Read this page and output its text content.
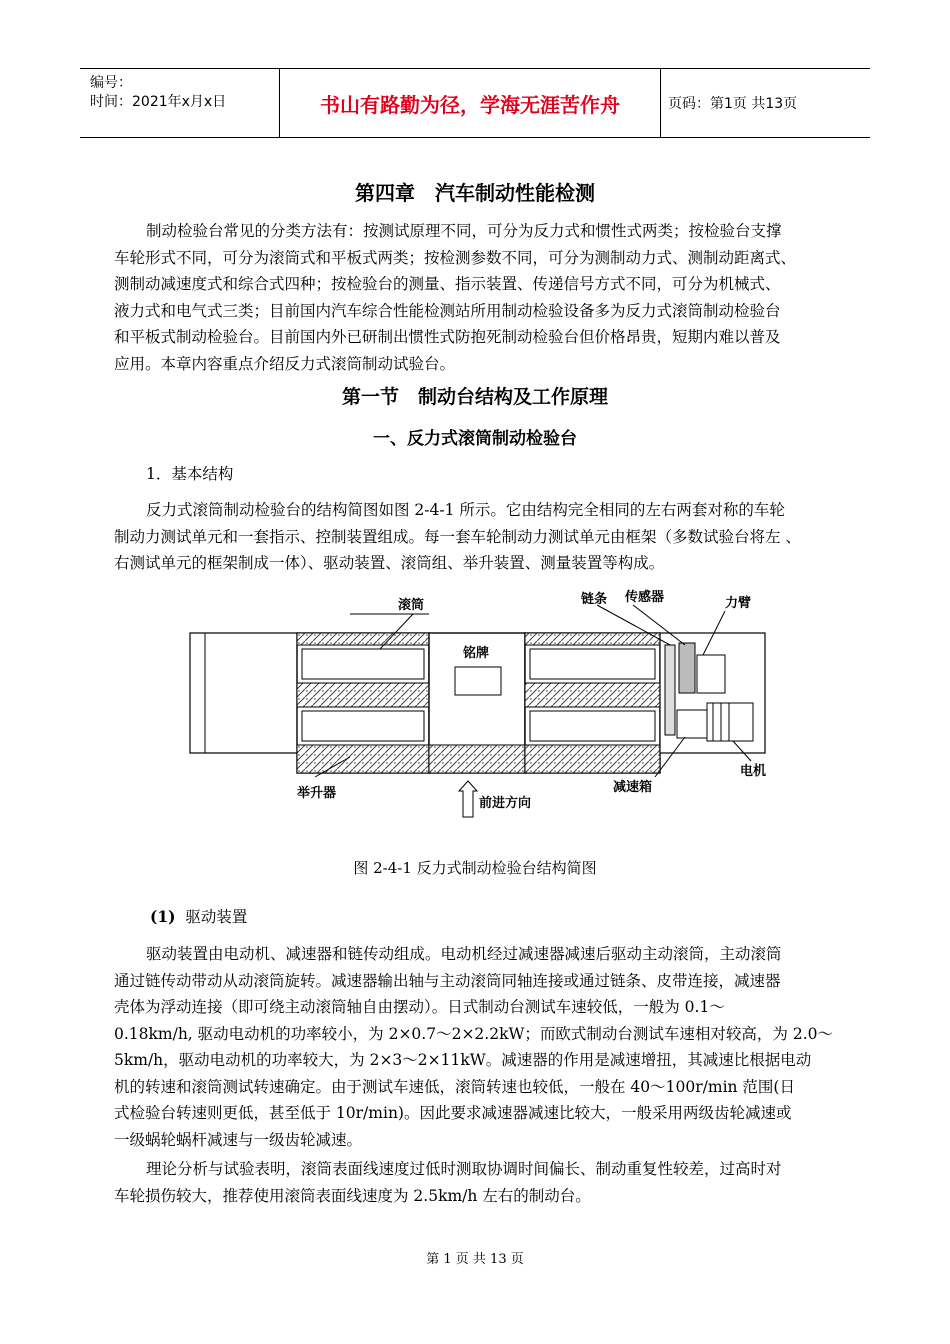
编号：
时间：2021年x月x日	书山有路勤为径，学海无涯苦作舟	页码：第1页 共13页
第四章　汽车制动性能检测
制动检验台常见的分类方法有：按测试原理不同，可分为反力式和惯性式两类；按检验台支撑
车轮形式不同，可分为滚筒式和平板式两类；按检测参数不同，可分为测制动力式、测制动距离式、
测制动减速度式和综合式四种；按检验台的测量、指示装置、传递信号方式不同，可分为机械式、
液力式和电气式三类；目前国内汽车综合性能检测站所用制动检验设备多为反力式滚筒制动检验台
和平板式制动检验台。目前国内外已研制出惯性式防抱死制动检验台但价格昂贵，短期内难以普及
应用。本章内容重点介绍反力式滚筒制动试验台。
第一节　制动台结构及工作原理
一、反力式滚筒制动检验台
1．基本结构
反力式滚筒制动检验台的结构简图如图 2-4-1 所示。它由结构完全相同的左右两套对称的车轮
制动力测试单元和一套指示、控制装置组成。每一套车轮制动力测试单元由框架（多数试验台将左 、
右测试单元的框架制成一体）、驱动装置、滚筒组、举升装置、测量装置等构成。
滚筒	链条 传感器	力臂
铭牌
电机
举升器
前进方向
减速箱
图 2-4-1 反力式制动检验台结构简图
(1) 驱动装置
驱动装置由电动机、减速器和链传动组成。电动机经过减速器减速后驱动主动滚筒，主动滚筒
通过链传动带动从动滚筒旋转。减速器输出轴与主动滚筒同轴连接或通过链条、皮带连接，减速器
壳体为浮动连接（即可绕主动滚筒轴自由摆动）。日式制动台测试车速较低，一般为 0.1～
0.18km/h, 驱动电动机的功率较小，为 2×0.7～2×2.2kW；而欧式制动台测试车速相对较高，为 2.0～
5km/h，驱动电动机的功率较大，为 2×3～2×11kW。减速器的作用是减速增扭，其减速比根据电动
机的转速和滚筒测试转速确定。由于测试车速低，滚筒转速也较低，一般在 40～100r/min 范围(日
式检验台转速则更低，甚至低于 10r/min)。因此要求减速器减速比较大，一般采用两级齿轮减速或
一级蜗轮蜗杆减速与一级齿轮减速。
理论分析与试验表明，滚筒表面线速度过低时测取协调时间偏长、制动重复性较差，过高时对
车轮损伤较大，推荐使用滚筒表面线速度为 2.5km/h 左右的制动台。
第 1 页 共 13 页
